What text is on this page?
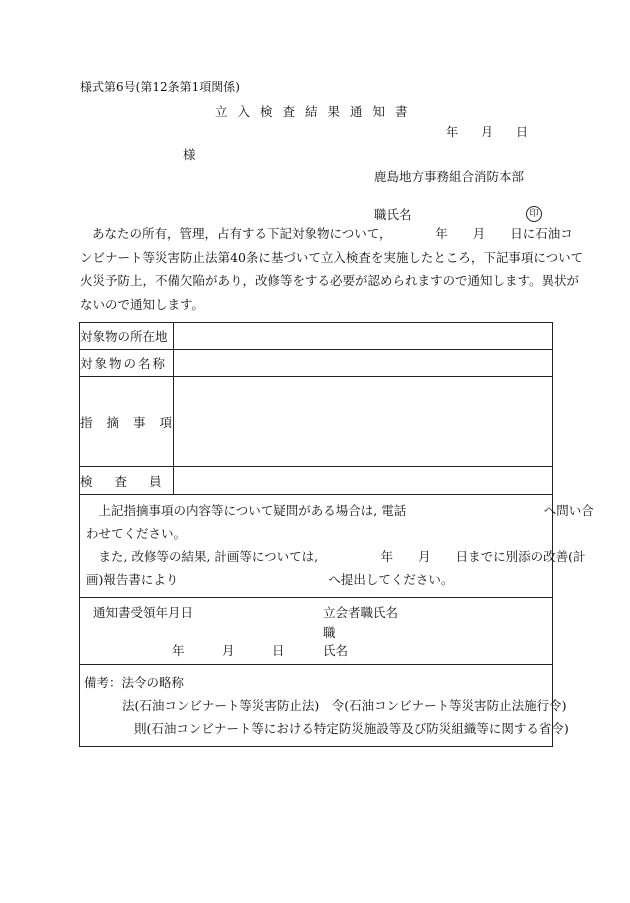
様式第6号(第12条第1項関係)
立入検査結果通知書
年 月 日
様
鹿島地方事務組合消防本部
職氏名	印
あなたの所有，管理，占有する下記対象物について，　　　　年　　月　　日に石油コ
ンビナート等災害防止法第40条に基づいて立入検査を実施したところ，下記事項について
火災予防上，不備欠陥があり，改修等をする必要が認められますので通知します。異状が
ないので通知します。
対象物の所在地	
対象物の名称	
指摘事項	
検査員	

　上記指摘事項の内容等について疑問がある場合は, 電話　　　　　　　　　　　へ問い合
わせてください。
　また, 改修等の結果, 計画等については,　　　　　年　　月　　日までに別添の改善(計
画)報告書により　　　　　　　　　　　　へ提出してください。	

通知書受領年月日
年　　　月　　　日
立会者職氏名
職
氏名	

備考：法令の略称
法(石油コンビナート等災害防止法)　令(石油コンビナート等災害防止法施行令)
則(石油コンビナート等における特定防災施設等及び防災組織等に関する省令)	
